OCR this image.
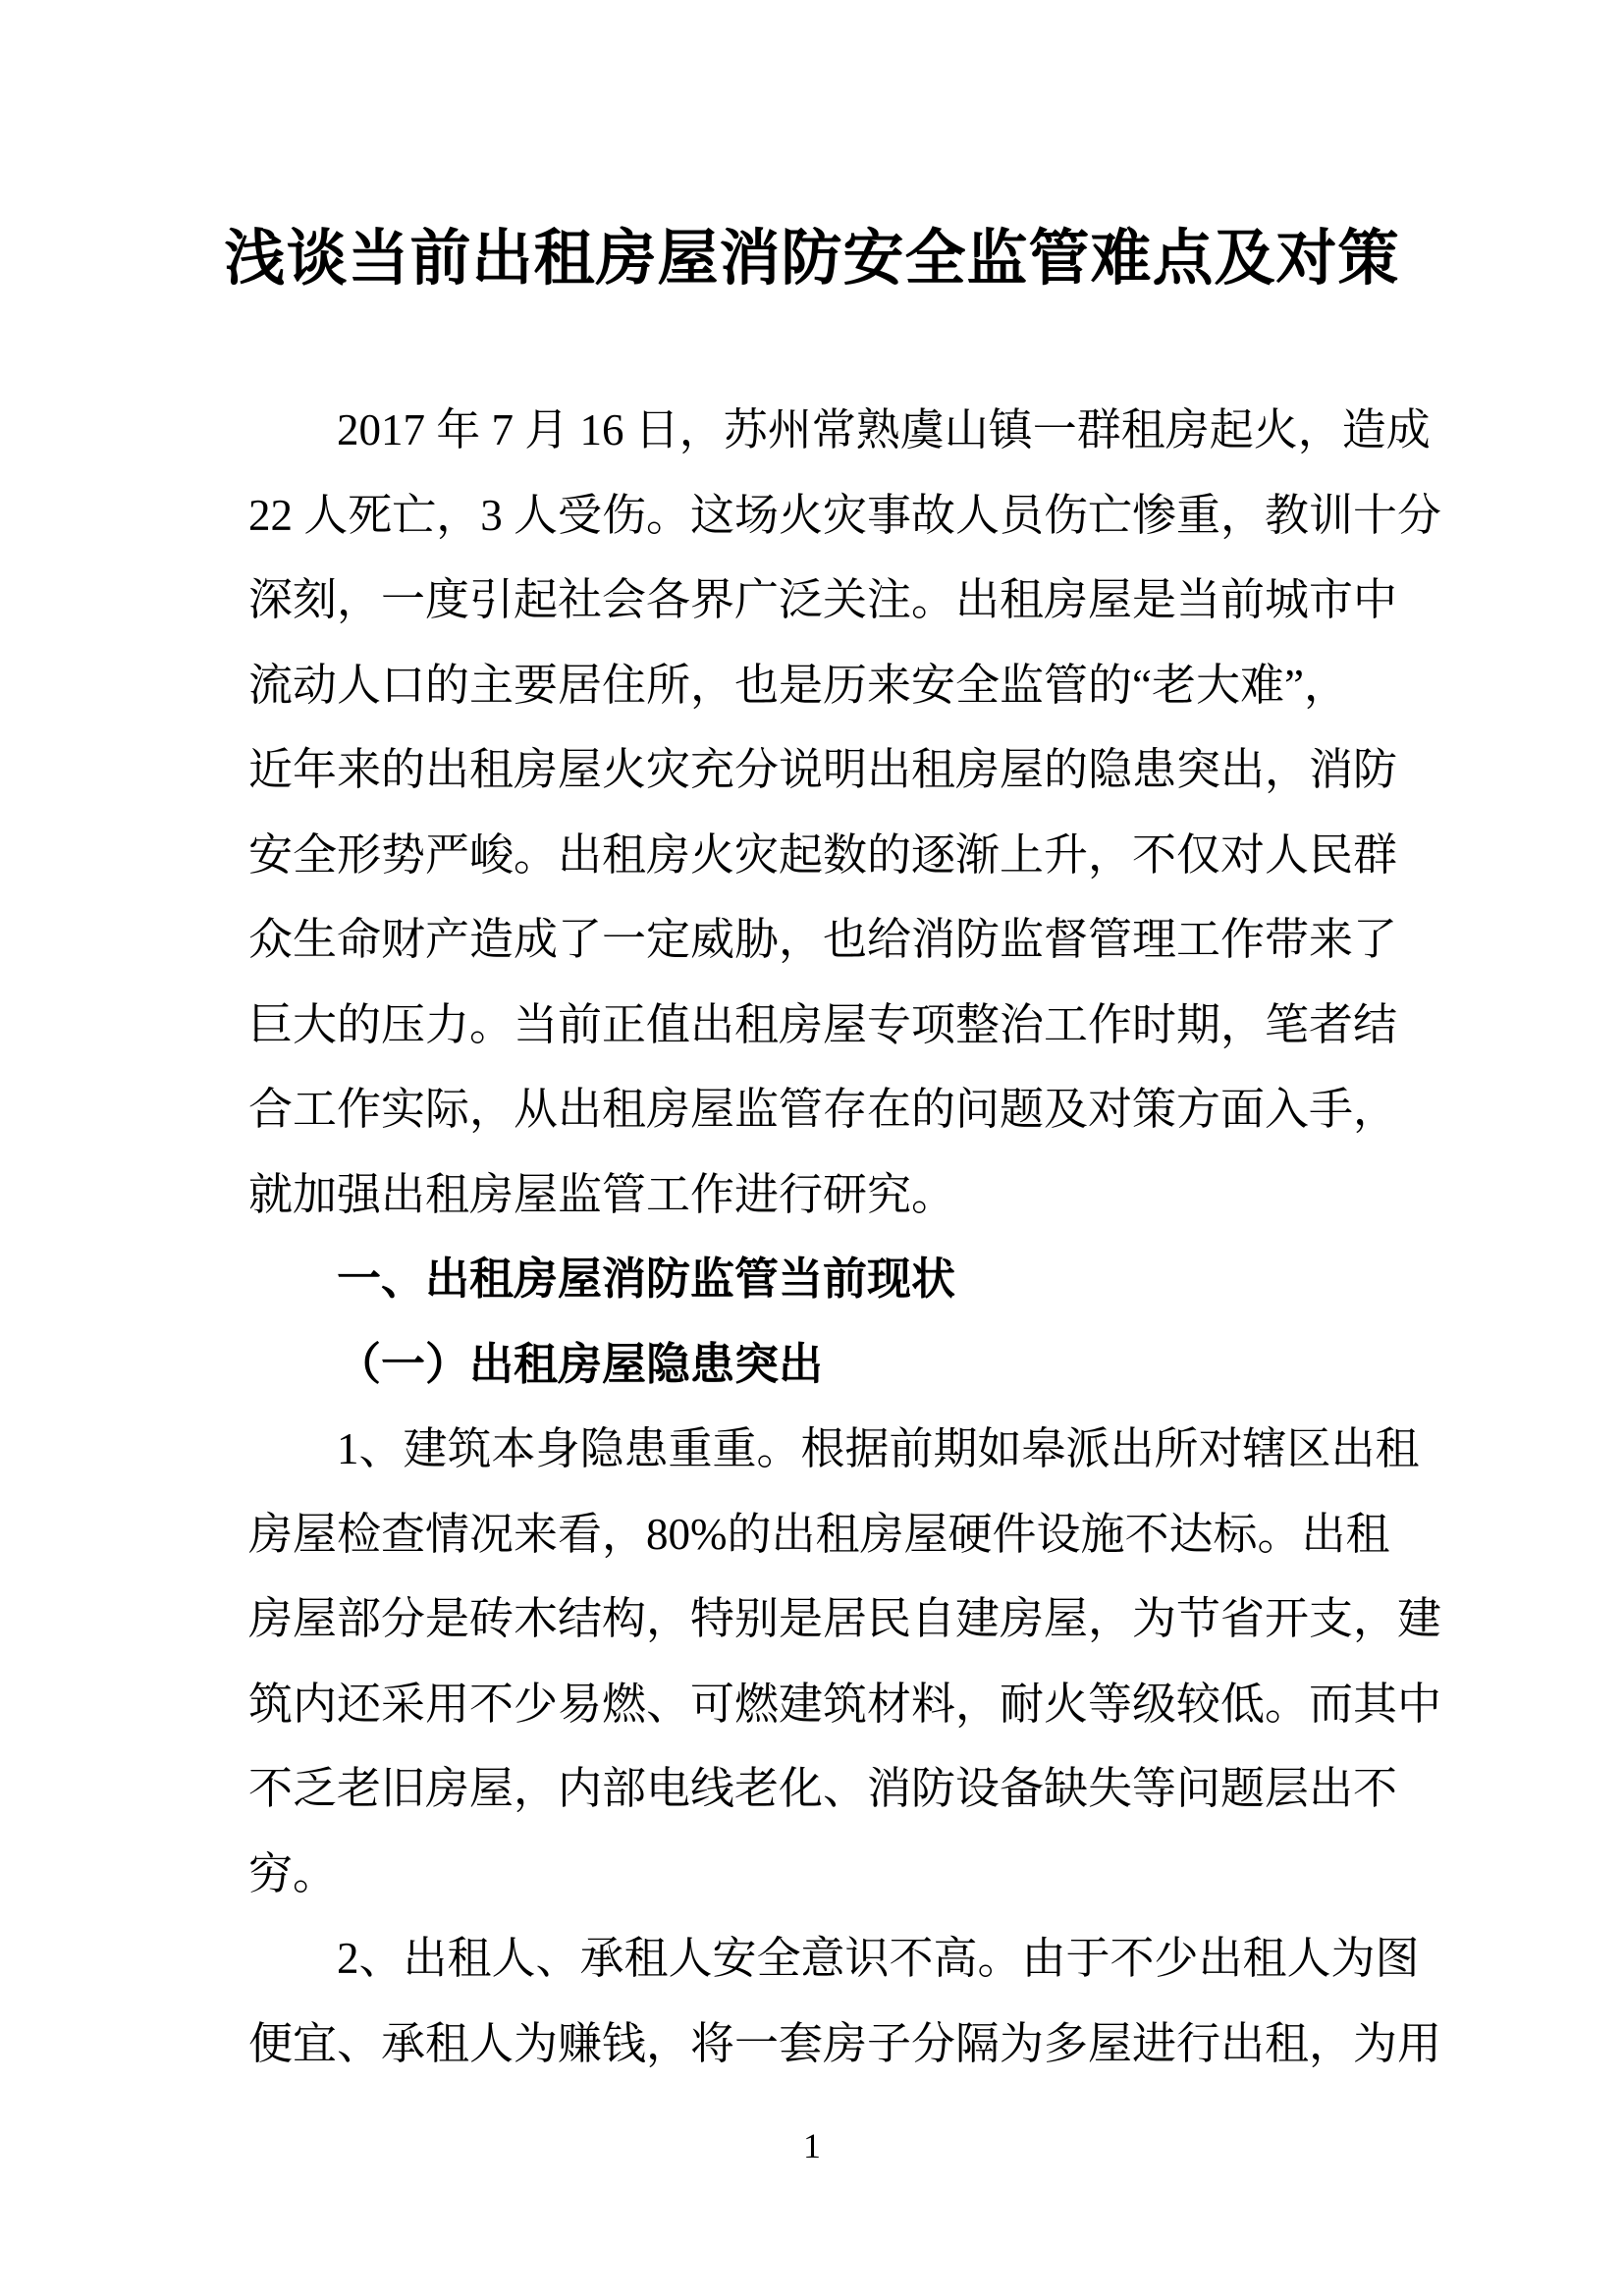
浅谈当前出租房屋消防安全监管难点及对策
2017 年 7 月 16 日，苏州常熟虞山镇一群租房起火，造成
22 人死亡，3 人受伤。这场火灾事故人员伤亡惨重，教训十分
深刻，一度引起社会各界广泛关注。出租房屋是当前城市中
流动人口的主要居住所，也是历来安全监管的“老大难”，
近年来的出租房屋火灾充分说明出租房屋的隐患突出，消防
安全形势严峻。出租房火灾起数的逐渐上升，不仅对人民群
众生命财产造成了一定威胁，也给消防监督管理工作带来了
巨大的压力。当前正值出租房屋专项整治工作时期，笔者结
合工作实际，从出租房屋监管存在的问题及对策方面入手，
就加强出租房屋监管工作进行研究。
一、出租房屋消防监管当前现状
（一）出租房屋隐患突出
1、建筑本身隐患重重。根据前期如皋派出所对辖区出租
房屋检查情况来看，80%的出租房屋硬件设施不达标。出租
房屋部分是砖木结构，特别是居民自建房屋，为节省开支，建
筑内还采用不少易燃、可燃建筑材料，耐火等级较低。而其中
不乏老旧房屋，内部电线老化、消防设备缺失等问题层出不
穷。
2、出租人、承租人安全意识不高。由于不少出租人为图
便宜、承租人为赚钱，将一套房子分隔为多屋进行出租，为用
1
